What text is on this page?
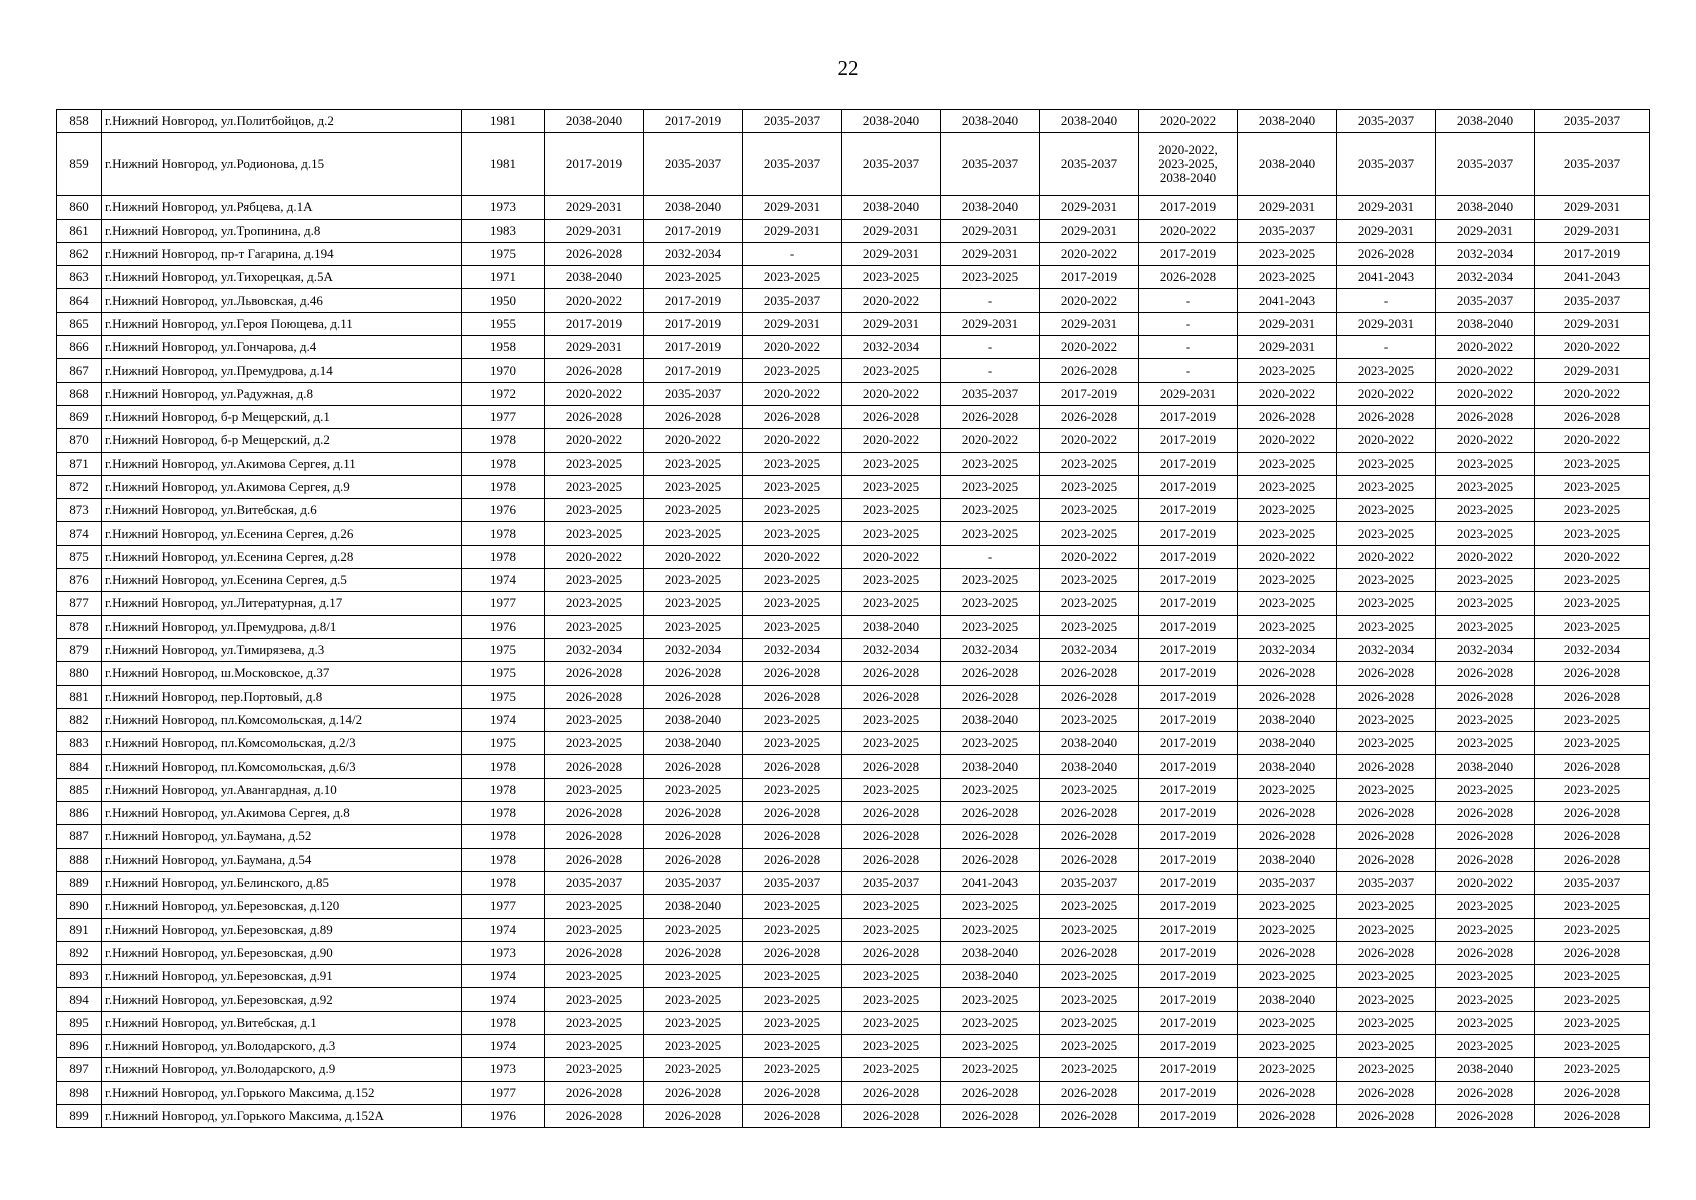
22
858	г.Нижний Новгород, ул.Политбойцов, д.2	1981	2038-2040	2017-2019	2035-2037	2038-2040	2038-2040	2038-2040	2020-2022	2038-2040	2035-2037	2038-2040	2035-2037
859	г.Нижний Новгород, ул.Родионова, д.15	1981	2017-2019	2035-2037	2035-2037	2035-2037	2035-2037	2035-2037	2020-2022,
2023-2025,
2038-2040	2038-2040	2035-2037	2035-2037	2035-2037
860	г.Нижний Новгород, ул.Рябцева, д.1А	1973	2029-2031	2038-2040	2029-2031	2038-2040	2038-2040	2029-2031	2017-2019	2029-2031	2029-2031	2038-2040	2029-2031
861	г.Нижний Новгород, ул.Тропинина, д.8	1983	2029-2031	2017-2019	2029-2031	2029-2031	2029-2031	2029-2031	2020-2022	2035-2037	2029-2031	2029-2031	2029-2031
862	г.Нижний Новгород, пр-т Гагарина, д.194	1975	2026-2028	2032-2034	-	2029-2031	2029-2031	2020-2022	2017-2019	2023-2025	2026-2028	2032-2034	2017-2019
863	г.Нижний Новгород, ул.Тихорецкая, д.5А	1971	2038-2040	2023-2025	2023-2025	2023-2025	2023-2025	2017-2019	2026-2028	2023-2025	2041-2043	2032-2034	2041-2043
864	г.Нижний Новгород, ул.Львовская, д.46	1950	2020-2022	2017-2019	2035-2037	2020-2022	-	2020-2022	-	2041-2043	-	2035-2037	2035-2037
865	г.Нижний Новгород, ул.Героя Поющева, д.11	1955	2017-2019	2017-2019	2029-2031	2029-2031	2029-2031	2029-2031	-	2029-2031	2029-2031	2038-2040	2029-2031
866	г.Нижний Новгород, ул.Гончарова, д.4	1958	2029-2031	2017-2019	2020-2022	2032-2034	-	2020-2022	-	2029-2031	-	2020-2022	2020-2022
867	г.Нижний Новгород, ул.Премудрова, д.14	1970	2026-2028	2017-2019	2023-2025	2023-2025	-	2026-2028	-	2023-2025	2023-2025	2020-2022	2029-2031
868	г.Нижний Новгород, ул.Радужная, д.8	1972	2020-2022	2035-2037	2020-2022	2020-2022	2035-2037	2017-2019	2029-2031	2020-2022	2020-2022	2020-2022	2020-2022
869	г.Нижний Новгород, б-р Мещерский, д.1	1977	2026-2028	2026-2028	2026-2028	2026-2028	2026-2028	2026-2028	2017-2019	2026-2028	2026-2028	2026-2028	2026-2028
870	г.Нижний Новгород, б-р Мещерский, д.2	1978	2020-2022	2020-2022	2020-2022	2020-2022	2020-2022	2020-2022	2017-2019	2020-2022	2020-2022	2020-2022	2020-2022
871	г.Нижний Новгород, ул.Акимова Сергея, д.11	1978	2023-2025	2023-2025	2023-2025	2023-2025	2023-2025	2023-2025	2017-2019	2023-2025	2023-2025	2023-2025	2023-2025
872	г.Нижний Новгород, ул.Акимова Сергея, д.9	1978	2023-2025	2023-2025	2023-2025	2023-2025	2023-2025	2023-2025	2017-2019	2023-2025	2023-2025	2023-2025	2023-2025
873	г.Нижний Новгород, ул.Витебская, д.6	1976	2023-2025	2023-2025	2023-2025	2023-2025	2023-2025	2023-2025	2017-2019	2023-2025	2023-2025	2023-2025	2023-2025
874	г.Нижний Новгород, ул.Есенина Сергея, д.26	1978	2023-2025	2023-2025	2023-2025	2023-2025	2023-2025	2023-2025	2017-2019	2023-2025	2023-2025	2023-2025	2023-2025
875	г.Нижний Новгород, ул.Есенина Сергея, д.28	1978	2020-2022	2020-2022	2020-2022	2020-2022	-	2020-2022	2017-2019	2020-2022	2020-2022	2020-2022	2020-2022
876	г.Нижний Новгород, ул.Есенина Сергея, д.5	1974	2023-2025	2023-2025	2023-2025	2023-2025	2023-2025	2023-2025	2017-2019	2023-2025	2023-2025	2023-2025	2023-2025
877	г.Нижний Новгород, ул.Литературная, д.17	1977	2023-2025	2023-2025	2023-2025	2023-2025	2023-2025	2023-2025	2017-2019	2023-2025	2023-2025	2023-2025	2023-2025
878	г.Нижний Новгород, ул.Премудрова, д.8/1	1976	2023-2025	2023-2025	2023-2025	2038-2040	2023-2025	2023-2025	2017-2019	2023-2025	2023-2025	2023-2025	2023-2025
879	г.Нижний Новгород, ул.Тимирязева, д.3	1975	2032-2034	2032-2034	2032-2034	2032-2034	2032-2034	2032-2034	2017-2019	2032-2034	2032-2034	2032-2034	2032-2034
880	г.Нижний Новгород, ш.Московское, д.37	1975	2026-2028	2026-2028	2026-2028	2026-2028	2026-2028	2026-2028	2017-2019	2026-2028	2026-2028	2026-2028	2026-2028
881	г.Нижний Новгород, пер.Портовый, д.8	1975	2026-2028	2026-2028	2026-2028	2026-2028	2026-2028	2026-2028	2017-2019	2026-2028	2026-2028	2026-2028	2026-2028
882	г.Нижний Новгород, пл.Комсомольская, д.14/2	1974	2023-2025	2038-2040	2023-2025	2023-2025	2038-2040	2023-2025	2017-2019	2038-2040	2023-2025	2023-2025	2023-2025
883	г.Нижний Новгород, пл.Комсомольская, д.2/3	1975	2023-2025	2038-2040	2023-2025	2023-2025	2023-2025	2038-2040	2017-2019	2038-2040	2023-2025	2023-2025	2023-2025
884	г.Нижний Новгород, пл.Комсомольская, д.6/3	1978	2026-2028	2026-2028	2026-2028	2026-2028	2038-2040	2038-2040	2017-2019	2038-2040	2026-2028	2038-2040	2026-2028
885	г.Нижний Новгород, ул.Авангардная, д.10	1978	2023-2025	2023-2025	2023-2025	2023-2025	2023-2025	2023-2025	2017-2019	2023-2025	2023-2025	2023-2025	2023-2025
886	г.Нижний Новгород, ул.Акимова Сергея, д.8	1978	2026-2028	2026-2028	2026-2028	2026-2028	2026-2028	2026-2028	2017-2019	2026-2028	2026-2028	2026-2028	2026-2028
887	г.Нижний Новгород, ул.Баумана, д.52	1978	2026-2028	2026-2028	2026-2028	2026-2028	2026-2028	2026-2028	2017-2019	2026-2028	2026-2028	2026-2028	2026-2028
888	г.Нижний Новгород, ул.Баумана, д.54	1978	2026-2028	2026-2028	2026-2028	2026-2028	2026-2028	2026-2028	2017-2019	2038-2040	2026-2028	2026-2028	2026-2028
889	г.Нижний Новгород, ул.Белинского, д.85	1978	2035-2037	2035-2037	2035-2037	2035-2037	2041-2043	2035-2037	2017-2019	2035-2037	2035-2037	2020-2022	2035-2037
890	г.Нижний Новгород, ул.Березовская, д.120	1977	2023-2025	2038-2040	2023-2025	2023-2025	2023-2025	2023-2025	2017-2019	2023-2025	2023-2025	2023-2025	2023-2025
891	г.Нижний Новгород, ул.Березовская, д.89	1974	2023-2025	2023-2025	2023-2025	2023-2025	2023-2025	2023-2025	2017-2019	2023-2025	2023-2025	2023-2025	2023-2025
892	г.Нижний Новгород, ул.Березовская, д.90	1973	2026-2028	2026-2028	2026-2028	2026-2028	2038-2040	2026-2028	2017-2019	2026-2028	2026-2028	2026-2028	2026-2028
893	г.Нижний Новгород, ул.Березовская, д.91	1974	2023-2025	2023-2025	2023-2025	2023-2025	2038-2040	2023-2025	2017-2019	2023-2025	2023-2025	2023-2025	2023-2025
894	г.Нижний Новгород, ул.Березовская, д.92	1974	2023-2025	2023-2025	2023-2025	2023-2025	2023-2025	2023-2025	2017-2019	2038-2040	2023-2025	2023-2025	2023-2025
895	г.Нижний Новгород, ул.Витебская, д.1	1978	2023-2025	2023-2025	2023-2025	2023-2025	2023-2025	2023-2025	2017-2019	2023-2025	2023-2025	2023-2025	2023-2025
896	г.Нижний Новгород, ул.Володарского, д.3	1974	2023-2025	2023-2025	2023-2025	2023-2025	2023-2025	2023-2025	2017-2019	2023-2025	2023-2025	2023-2025	2023-2025
897	г.Нижний Новгород, ул.Володарского, д.9	1973	2023-2025	2023-2025	2023-2025	2023-2025	2023-2025	2023-2025	2017-2019	2023-2025	2023-2025	2038-2040	2023-2025
898	г.Нижний Новгород, ул.Горького Максима, д.152	1977	2026-2028	2026-2028	2026-2028	2026-2028	2026-2028	2026-2028	2017-2019	2026-2028	2026-2028	2026-2028	2026-2028
899	г.Нижний Новгород, ул.Горького Максима, д.152А	1976	2026-2028	2026-2028	2026-2028	2026-2028	2026-2028	2026-2028	2017-2019	2026-2028	2026-2028	2026-2028	2026-2028
